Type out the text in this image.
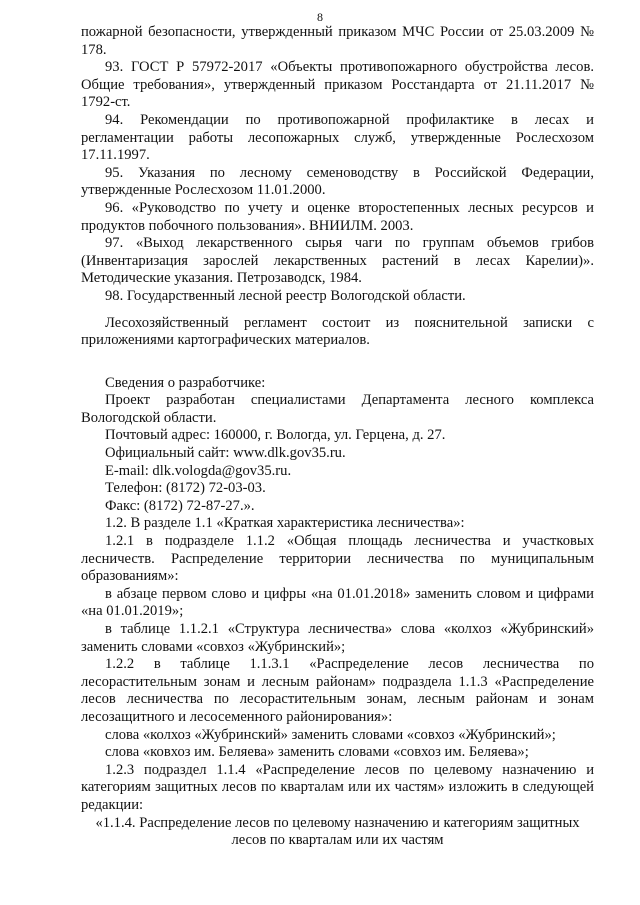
8

пожарной безопасности, утвержденный приказом МЧС России от 25.03.2009 № 178.

93. ГОСТ Р 57972-2017 «Объекты противопожарного обустройства лесов. Общие требования», утвержденный приказом Росстандарта от 21.11.2017 № 1792-ст.

94. Рекомендации по противопожарной профилактике в лесах и регламентации работы лесопожарных служб, утвержденные Рослесхозом 17.11.1997.

95. Указания по лесному семеноводству в Российской Федерации, утвержденные Рослесхозом 11.01.2000.

96. «Руководство по учету и оценке второстепенных лесных ресурсов и продуктов побочного пользования». ВНИИЛМ. 2003.

97. «Выход лекарственного сырья чаги по группам объемов грибов (Инвентаризация зарослей лекарственных растений в лесах Карелии)». Методические указания. Петрозаводск, 1984.

98. Государственный лесной реестр Вологодской области.

Лесохозяйственный регламент состоит из пояснительной записки с приложениями картографических материалов.

Сведения о разработчике:

Проект разработан специалистами Департамента лесного комплекса Вологодской области.

Почтовый адрес: 160000, г. Вологда, ул. Герцена, д. 27.

Официальный сайт: www.dlk.gov35.ru.

E-mail: dlk.vologda@gov35.ru.

Телефон: (8172) 72-03-03.

Факс: (8172) 72-87-27.».

1.2. В разделе 1.1 «Краткая характеристика лесничества»:

1.2.1 в подразделе 1.1.2 «Общая площадь лесничества и участковых лесничеств. Распределение территории лесничества по муниципальным образованиям»:

в абзаце первом слово и цифры «на 01.01.2018» заменить словом и цифрами «на 01.01.2019»;

в таблице 1.1.2.1 «Структура лесничества» слова «колхоз «Жубринский» заменить словами «совхоз «Жубринский»;

1.2.2 в таблице 1.1.3.1 «Распределение лесов лесничества по лесорастительным зонам и лесным районам» подраздела 1.1.3 «Распределение лесов лесничества по лесорастительным зонам, лесным районам и зонам лесозащитного и лесосеменного районирования»:

слова «колхоз «Жубринский» заменить словами «совхоз «Жубринский»;

слова «ковхоз им. Беляева» заменить словами «совхоз им. Беляева»;

1.2.3 подраздел 1.1.4 «Распределение лесов по целевому назначению и категориям защитных лесов по кварталам или их частям» изложить в следующей редакции:

«1.1.4. Распределение лесов по целевому назначению и категориям защитных лесов по кварталам или их частям
